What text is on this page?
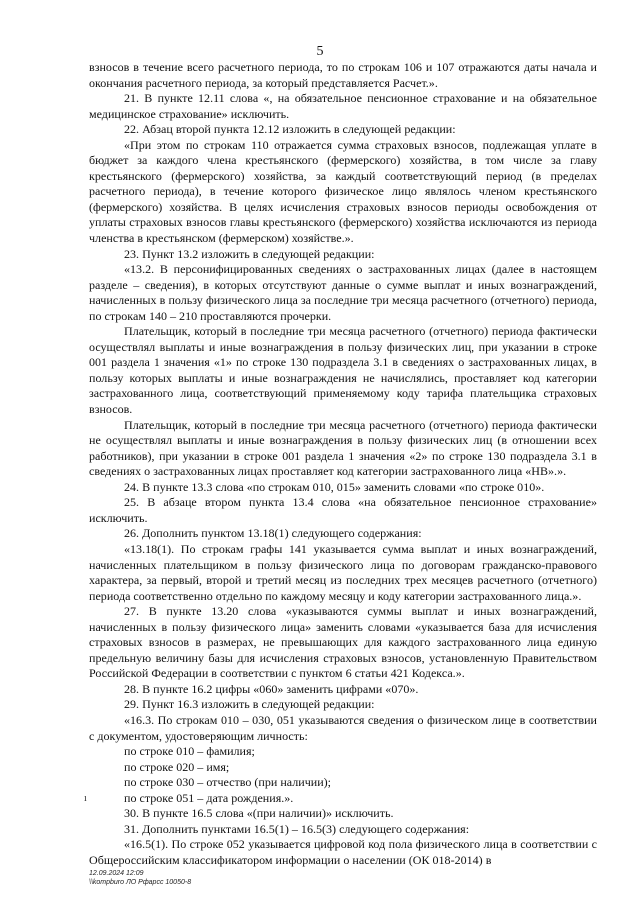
5

взносов в течение всего расчетного периода, то по строкам 106 и 107 отражаются даты начала и окончания расчетного периода, за который представляется Расчет.».

21. В пункте 12.11 слова «, на обязательное пенсионное страхование и на обязательное медицинское страхование» исключить.

22. Абзац второй пункта 12.12 изложить в следующей редакции:

«При этом по строкам 110 отражается сумма страховых взносов, подлежащая уплате в бюджет за каждого члена крестьянского (фермерского) хозяйства, в том числе за главу крестьянского (фермерского) хозяйства, за каждый соответствующий период (в пределах расчетного периода), в течение которого физическое лицо являлось членом крестьянского (фермерского) хозяйства. В целях исчисления страховых взносов периоды освобождения от уплаты страховых взносов главы крестьянского (фермерского) хозяйства исключаются из периода членства в крестьянском (фермерском) хозяйстве.».

23. Пункт 13.2 изложить в следующей редакции:

«13.2. В персонифицированных сведениях о застрахованных лицах (далее в настоящем разделе – сведения), в которых отсутствуют данные о сумме выплат и иных вознаграждений, начисленных в пользу физического лица за последние три месяца расчетного (отчетного) периода, по строкам 140 – 210 проставляются прочерки.

Плательщик, который в последние три месяца расчетного (отчетного) периода фактически осуществлял выплаты и иные вознаграждения в пользу физических лиц, при указании в строке 001 раздела 1 значения «1» по строке 130 подраздела 3.1 в сведениях о застрахованных лицах, в пользу которых выплаты и иные вознаграждения не начислялись, проставляет код категории застрахованного лица, соответствующий применяемому коду тарифа плательщика страховых взносов.

Плательщик, который в последние три месяца расчетного (отчетного) периода фактически не осуществлял выплаты и иные вознаграждения в пользу физических лиц (в отношении всех работников), при указании в строке 001 раздела 1 значения «2» по строке 130 подраздела 3.1 в сведениях о застрахованных лицах проставляет код категории застрахованного лица «НВ».».

24. В пункте 13.3 слова «по строкам 010, 015» заменить словами «по строке 010».

25. В абзаце втором пункта 13.4 слова «на обязательное пенсионное страхование» исключить.

26. Дополнить пунктом 13.18(1) следующего содержания:

«13.18(1). По строкам графы 141 указывается сумма выплат и иных вознаграждений, начисленных плательщиком в пользу физического лица по договорам гражданско-правового характера, за первый, второй и третий месяц из последних трех месяцев расчетного (отчетного) периода соответственно отдельно по каждому месяцу и коду категории застрахованного лица.».

27. В пункте 13.20 слова «указываются суммы выплат и иных вознаграждений, начисленных в пользу физического лица» заменить словами «указывается база для исчисления страховых взносов в размерах, не превышающих для каждого застрахованного лица единую предельную величину базы для исчисления страховых взносов, установленную Правительством Российской Федерации в соответствии с пунктом 6 статьи 421 Кодекса.».

28. В пункте 16.2 цифры «060» заменить цифрами «070».

29. Пункт 16.3 изложить в следующей редакции:

«16.3. По строкам 010 – 030, 051 указываются сведения о физическом лице в соответствии с документом, удостоверяющим личность:

по строке 010 – фамилия;

по строке 020 – имя;

по строке 030 – отчество (при наличии);

по строке 051 – дата рождения.».

30. В пункте 16.5 слова «(при наличии)» исключить.

31. Дополнить пунктами 16.5(1) – 16.5(3) следующего содержания:

«16.5(1). По строке 052 указывается цифровой код пола физического лица в соответствии с Общероссийским классификатором информации о населении (ОК 018-2014) в

ı
12.09.2024 12:09
\\kompburo ЛО Рфарсс 10050-8
